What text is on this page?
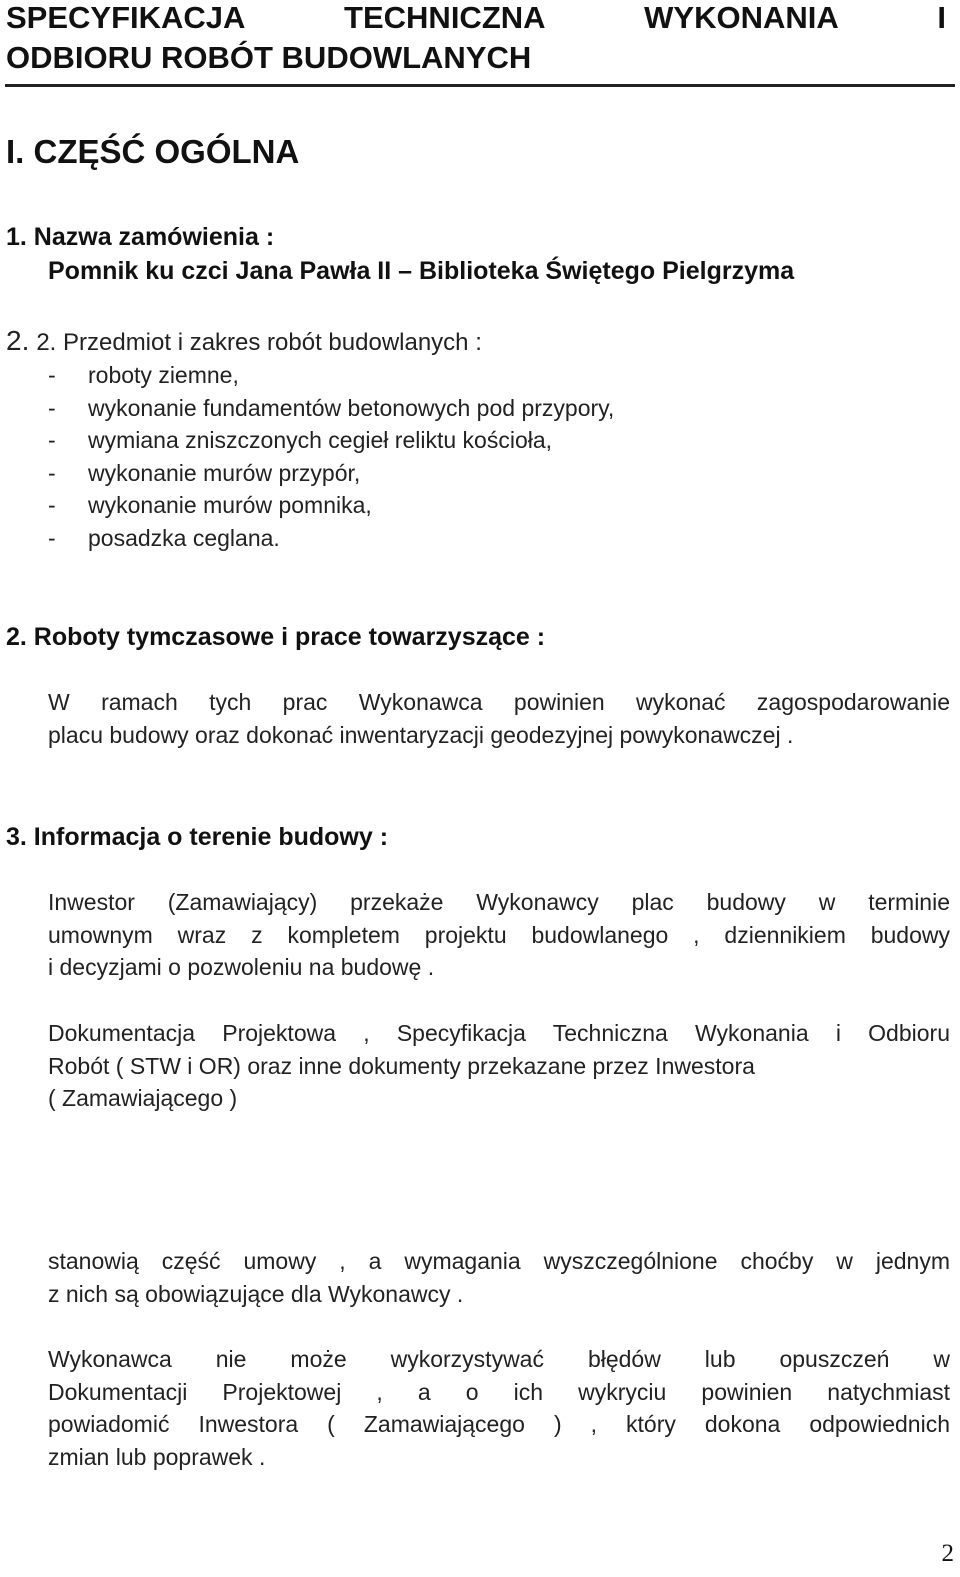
SPECYFIKACJA	TECHNICZNA	WYKONANIA	I
ODBIORU ROBÓT BUDOWLANYCH
I. CZĘŚĆ OGÓLNA
1. Nazwa zamówienia :
Pomnik ku czci Jana Pawła II – Biblioteka Świętego Pielgrzyma
2. 2. Przedmiot i zakres robót budowlanych :
-	roboty ziemne,
-	wykonanie fundamentów betonowych pod przypory,
-	wymiana zniszczonych cegieł reliktu kościoła,
-	wykonanie murów przypór,
-	wykonanie murów pomnika,
-	posadzka ceglana.
2. Roboty tymczasowe i prace towarzyszące :
W ramach tych prac Wykonawca powinien wykonać zagospodarowanie
placu budowy oraz dokonać inwentaryzacji geodezyjnej powykonawczej .
3. Informacja o terenie budowy :
Inwestor (Zamawiający) przekaże Wykonawcy plac budowy w terminie
umownym wraz z kompletem projektu budowlanego , dziennikiem budowy
i decyzjami o pozwoleniu na budowę .
Dokumentacja Projektowa , Specyfikacja Techniczna Wykonania i Odbioru
Robót ( STW i OR) oraz inne dokumenty przekazane przez Inwestora
( Zamawiającego )
stanowią część umowy , a wymagania wyszczególnione choćby w jednym
z nich są obowiązujące dla Wykonawcy .
Wykonawca nie może wykorzystywać błędów lub opuszczeń w
Dokumentacji Projektowej , a o ich wykryciu powinien natychmiast
powiadomić Inwestora ( Zamawiającego ) , który dokona odpowiednich
zmian lub poprawek .
2
